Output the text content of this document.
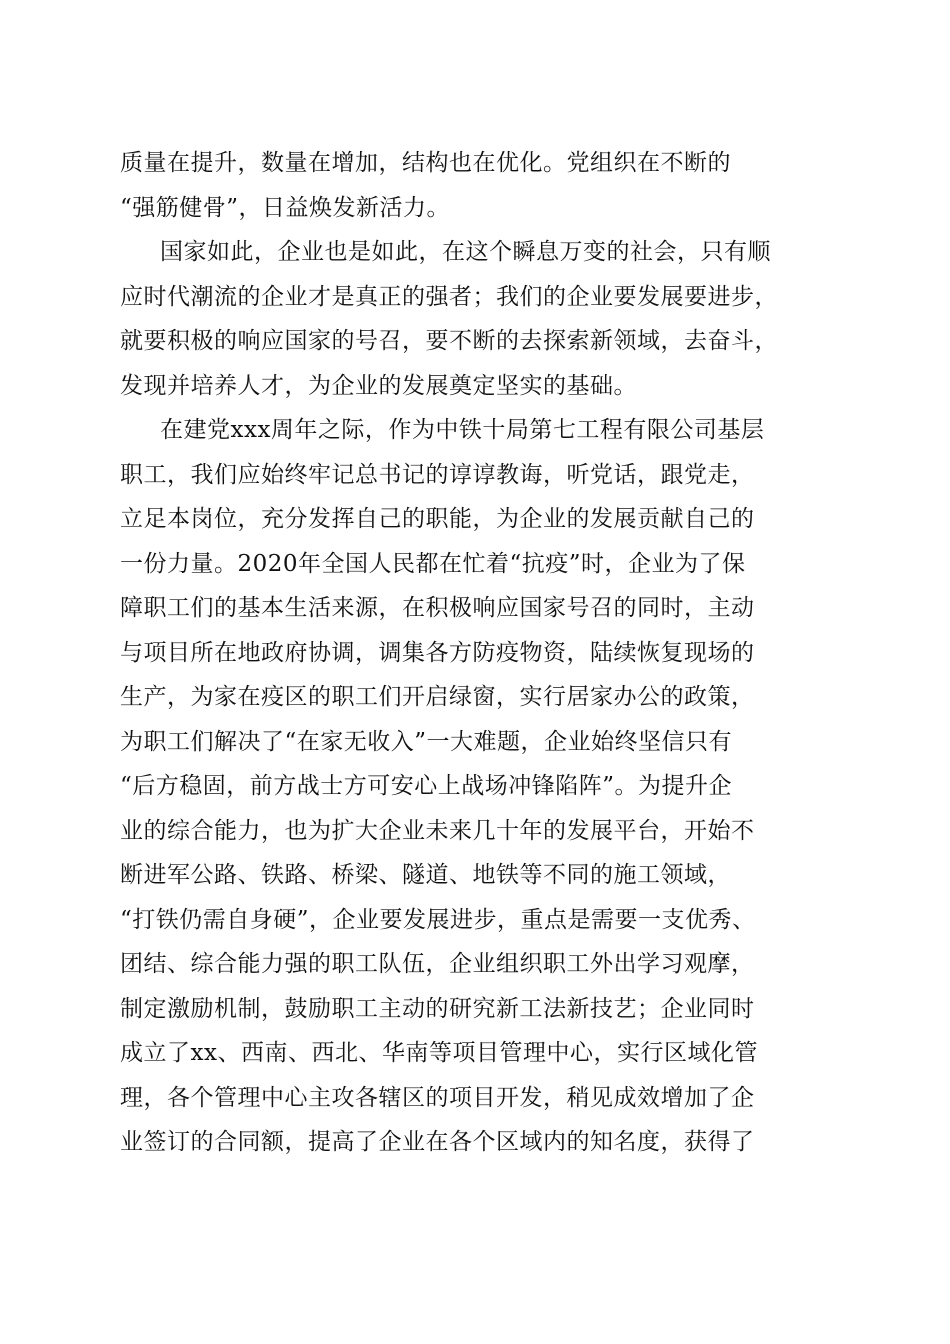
质量在提升，数量在增加，结构也在优化。党组织在不断的
“强筋健骨”，日益焕发新活力。
国家如此，企业也是如此，在这个瞬息万变的社会，只有顺
应时代潮流的企业才是真正的强者；我们的企业要发展要进步，
就要积极的响应国家的号召，要不断的去探索新领域，去奋斗，
发现并培养人才，为企业的发展奠定坚实的基础。
在建党xxx周年之际，作为中铁十局第七工程有限公司基层
职工，我们应始终牢记总书记的谆谆教诲，听党话，跟党走，
立足本岗位，充分发挥自己的职能，为企业的发展贡献自己的
一份力量。2020年全国人民都在忙着“抗疫”时，企业为了保
障职工们的基本生活来源，在积极响应国家号召的同时，主动
与项目所在地政府协调，调集各方防疫物资，陆续恢复现场的
生产，为家在疫区的职工们开启绿窗，实行居家办公的政策，
为职工们解决了“在家无收入”一大难题，企业始终坚信只有
“后方稳固，前方战士方可安心上战场冲锋陷阵”。为提升企
业的综合能力，也为扩大企业未来几十年的发展平台，开始不
断进军公路、铁路、桥梁、隧道、地铁等不同的施工领域，
“打铁仍需自身硬”，企业要发展进步，重点是需要一支优秀、
团结、综合能力强的职工队伍，企业组织职工外出学习观摩，
制定激励机制，鼓励职工主动的研究新工法新技艺；企业同时
成立了xx、西南、西北、华南等项目管理中心，实行区域化管
理，各个管理中心主攻各辖区的项目开发，稍见成效增加了企
业签订的合同额，提高了企业在各个区域内的知名度，获得了
